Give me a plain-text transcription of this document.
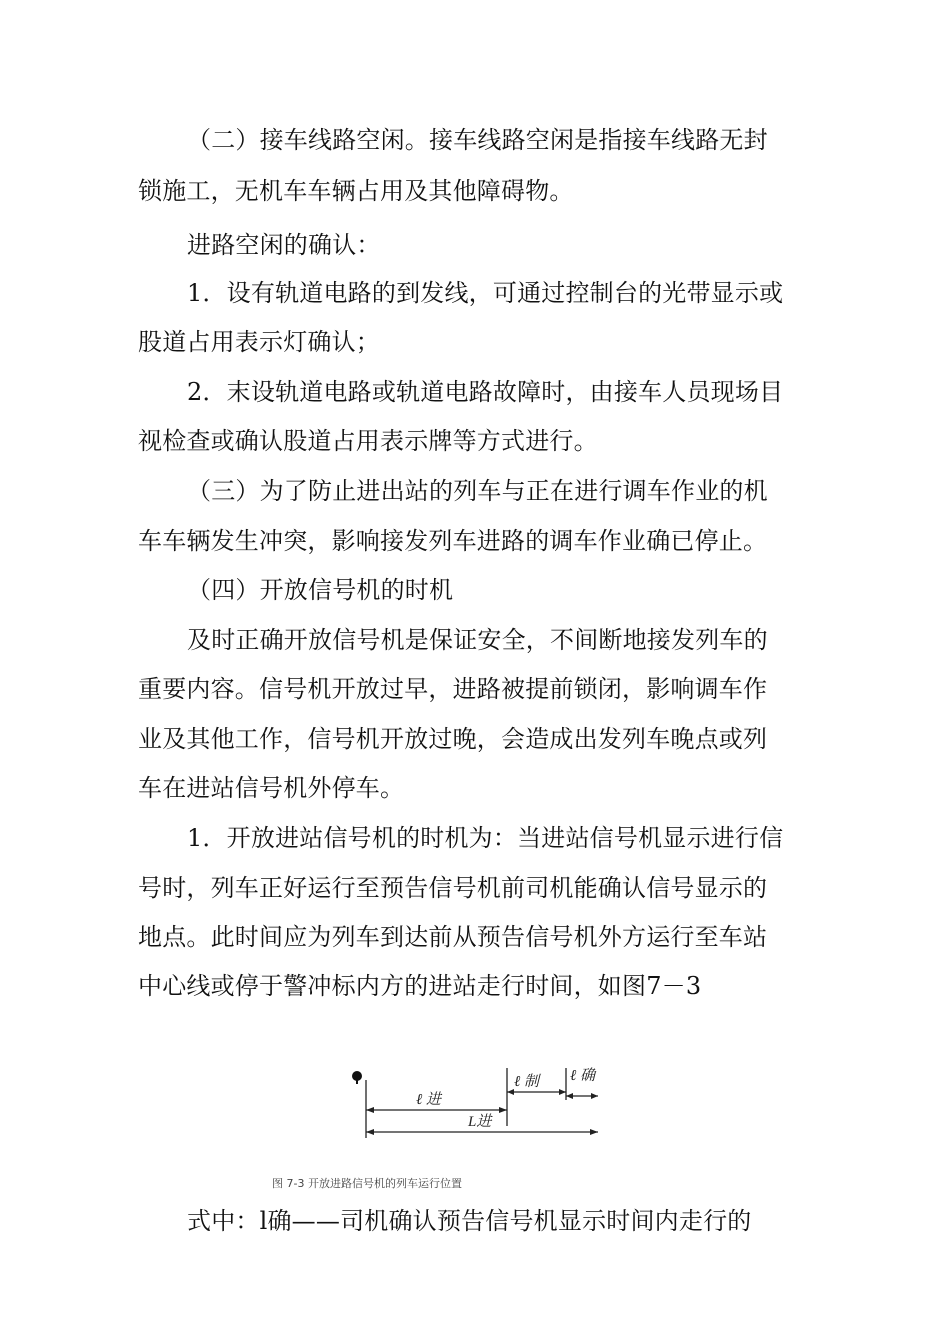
（二）接车线路空闲。接车线路空闲是指接车线路无封
锁施工，无机车车辆占用及其他障碍物。
进路空闲的确认：
1．设有轨道电路的到发线，可通过控制台的光带显示或
股道占用表示灯确认；
2．末设轨道电路或轨道电路故障时，由接车人员现场目
视检查或确认股道占用表示牌等方式进行。
（三）为了防止进出站的列车与正在进行调车作业的机
车车辆发生冲突，影响接发列车进路的调车作业确已停止。
（四）开放信号机的时机
及时正确开放信号机是保证安全，不间断地接发列车的
重要内容。信号机开放过早，进路被提前锁闭，影响调车作
业及其他工作，信号机开放过晚，会造成出发列车晚点或列
车在进站信号机外停车。
1．开放进站信号机的时机为：当进站信号机显示进行信
号时，列车正好运行至预告信号机前司机能确认信号显示的
地点。此时间应为列车到达前从预告信号机外方运行至车站
中心线或停于警冲标内方的进站走行时间，如图7－3
ℓ 进
ℓ 制 ℓ 确
L进
图 7-3 开放进路信号机的列车运行位置
式中：l确——司机确认预告信号机显示时间内走行的
